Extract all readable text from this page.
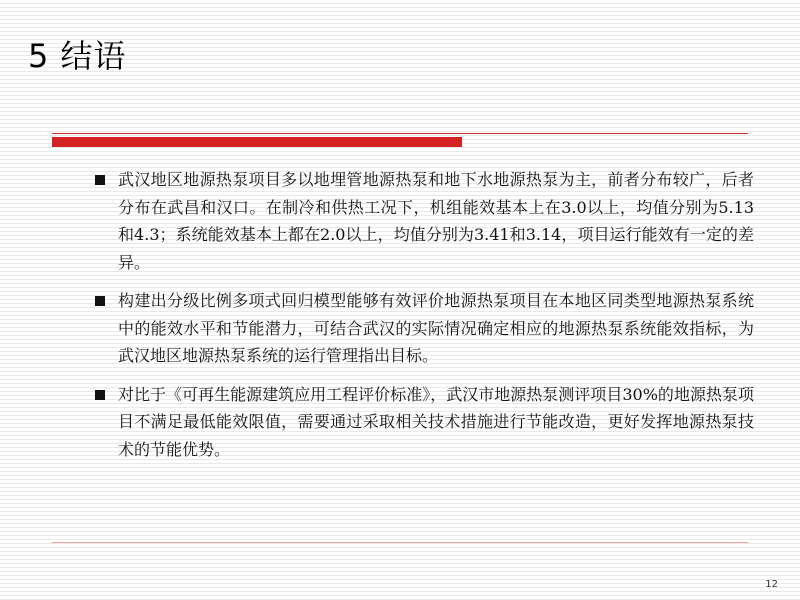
5 结语
武汉地区地源热泵项目多以地埋管地源热泵和地下水地源热泵为主，前者分布较广，后者分布在武昌和汉口。在制冷和供热工况下，机组能效基本上在3.0以上，均值分别为5.13和4.3；系统能效基本上都在2.0以上，均值分别为3.41和3.14，项目运行能效有一定的差异。
构建出分级比例多项式回归模型能够有效评价地源热泵项目在本地区同类型地源热泵系统中的能效水平和节能潜力，可结合武汉的实际情况确定相应的地源热泵系统能效指标，为武汉地区地源热泵系统的运行管理指出目标。
对比于《可再生能源建筑应用工程评价标准》，武汉市地源热泵测评项目30%的地源热泵项目不满足最低能效限值，需要通过采取相关技术措施进行节能改造，更好发挥地源热泵技术的节能优势。
12
